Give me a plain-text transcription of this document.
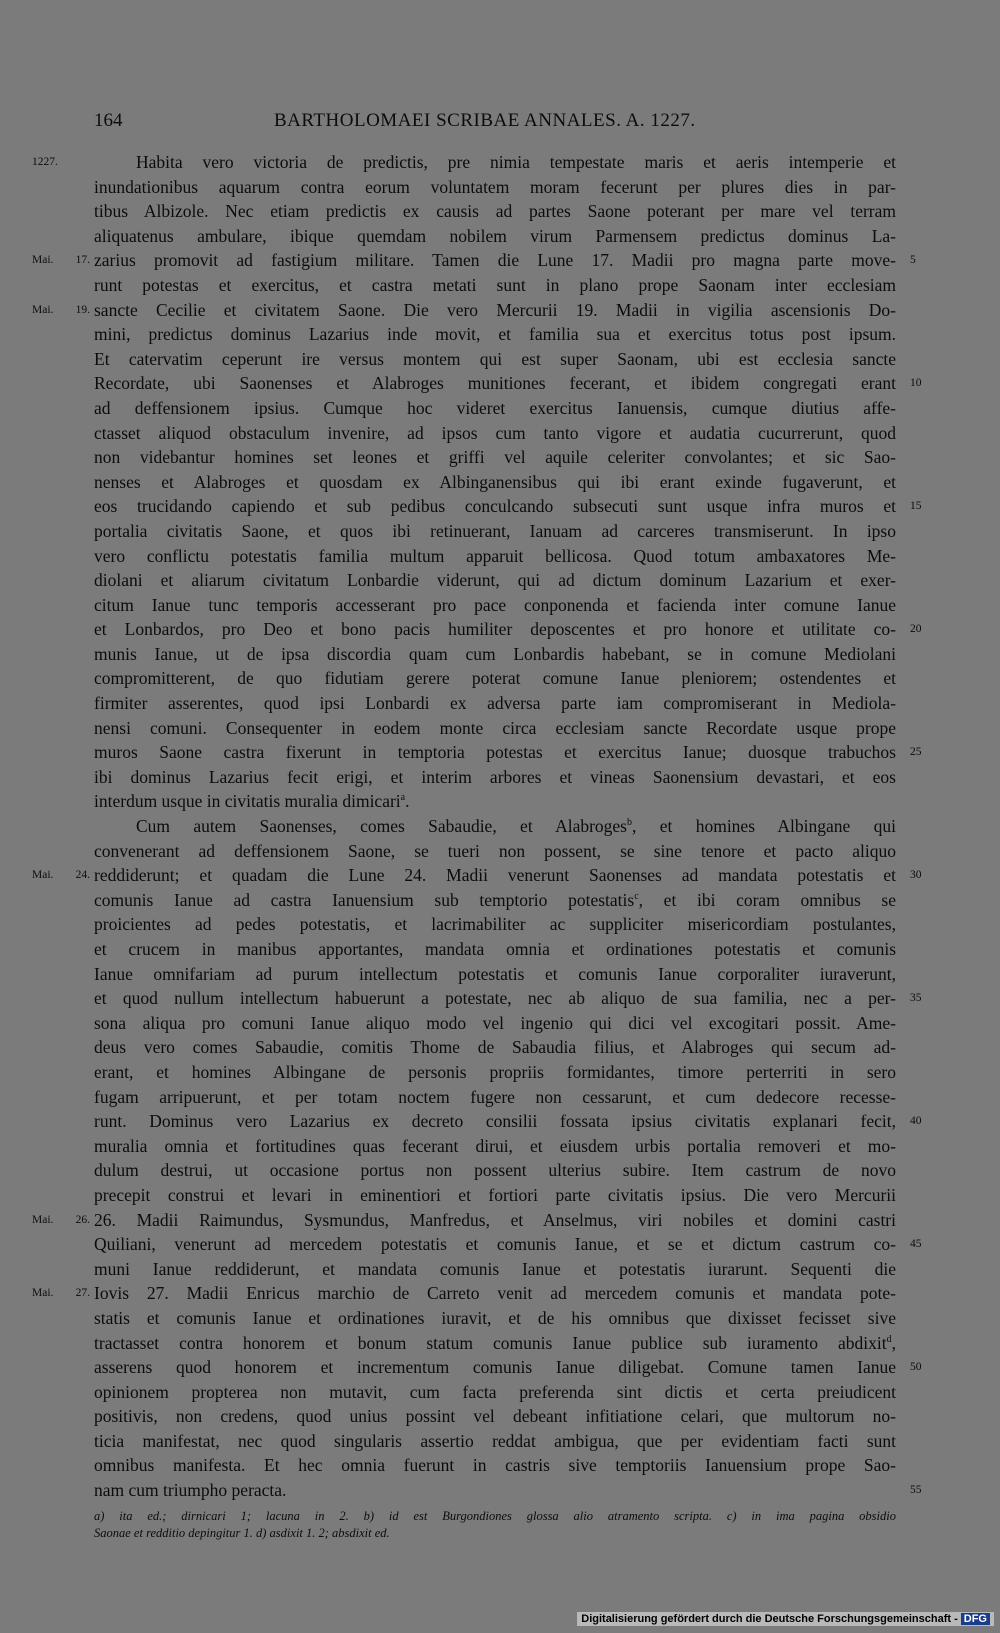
164	BARTHOLOMAEI SCRIBAE ANNALES. A. 1227.
1227.	Habita vero victoria de predictis, pre nimia tempestate maris et aeris intemperie et
inundationibus aquarum contra eorum voluntatem moram fecerunt per plures dies in par-
tibus Albizole. Nec etiam predictis ex causis ad partes Saone poterant per mare vel terram
aliquatenus ambulare, ibique quemdam nobilem virum Parmensem predictus dominus La-
Mai. 17. zarius promovit ad fastigium militare. Tamen die Lune 17. Madii pro magna parte move- 5
runt potestas et exercitus, et castra metati sunt in plano prope Saonam inter ecclesiam
Mai. 19. sancte Cecilie et civitatem Saone. Die vero Mercurii 19. Madii in vigilia ascensionis Do-
mini, predictus dominus Lazarius inde movit, et familia sua et exercitus totus post ipsum.
Et catervatim ceperunt ire versus montem qui est super Saonam, ubi est ecclesia sancte
Recordate, ubi Saonenses et Alabroges munitiones fecerant, et ibidem congregati erant 10
ad deffensionem ipsius. Cumque hoc videret exercitus Ianuensis, cumque diutius affe-
ctasset aliquod obstaculum invenire, ad ipsos cum tanto vigore et audatia cucurrerunt, quod
non videbantur homines set leones et griffi vel aquile celeriter convolantes; et sic Sao-
nenses et Alabroges et quosdam ex Albinganensibus qui ibi erant exinde fugaverunt, et
eos trucidando capiendo et sub pedibus conculcando subsecuti sunt usque infra muros et 15
portalia civitatis Saone, et quos ibi retinuerant, Ianuam ad carceres transmiserunt. In ipso
vero conflictu potestatis familia multum apparuit bellicosa. Quod totum ambaxatores Me-
diolani et aliarum civitatum Lonbardie viderunt, qui ad dictum dominum Lazarium et exer-
citum Ianue tunc temporis accesserant pro pace conponenda et facienda inter comune Ianue
et Lonbardos, pro Deo et bono pacis humiliter deposcentes et pro honore et utilitate co- 20
munis Ianue, ut de ipsa discordia quam cum Lonbardis habebant, se in comune Mediolani
compromitterent, de quo fidutiam gerere poterat comune Ianue pleniorem; ostendentes et
firmiter asserentes, quod ipsi Lonbardi ex adversa parte iam compromiserant in Mediola-
nensi comuni. Consequenter in eodem monte circa ecclesiam sancte Recordate usque prope
muros Saone castra fixerunt in temptoria potestas et exercitus Ianue; duosque trabuchos 25
ibi dominus Lazarius fecit erigi, et interim arbores et vineas Saonensium devastari, et eos
interdum usque in civitatis muralia dimicari$^a$.
Cum autem Saonenses, comes Sabaudie, et Alabroges$^b$, et homines Albingane qui
convenerant ad deffensionem Saone, se tueri non possent, se sine tenore et pacto aliquo
Mai. 24. reddiderunt; et quadam die Lune 24. Madii venerunt Saonenses ad mandata potestatis et 30
comunis Ianue ad castra Ianuensium sub temptorio potestatis$^c$, et ibi coram omnibus se
proicientes ad pedes potestatis, et lacrimabiliter ac suppliciter misericordiam postulantes,
et crucem in manibus apportantes, mandata omnia et ordinationes potestatis et comunis
Ianue omnifariam ad purum intellectum potestatis et comunis Ianue corporaliter iuraverunt,
et quod nullum intellectum habuerunt a potestate, nec ab aliquo de sua familia, nec a per- 35
sona aliqua pro comuni Ianue aliquo modo vel ingenio qui dici vel excogitari possit. Ame-
deus vero comes Sabaudie, comitis Thome de Sabaudia filius, et Alabroges qui secum ad-
erant, et homines Albingane de personis propriis formidantes, timore perterriti in sero
fugam arripuerunt, et per totam noctem fugere non cessarunt, et cum dedecore recesse-
runt. Dominus vero Lazarius ex decreto consilii fossata ipsius civitatis explanari fecit, 40
muralia omnia et fortitudines quas fecerant dirui, et eiusdem urbis portalia removeri et mo-
dulum destrui, ut occasione portus non possent ulterius subire. Item castrum de novo
precepit construi et levari in eminentiori et fortiori parte civitatis ipsius. Die vero Mercurii
Mai. 26. 26. Madii Raimundus, Sysmundus, Manfredus, et Anselmus, viri nobiles et domini castri
Quiliani, venerunt ad mercedem potestatis et comunis Ianue, et se et dictum castrum co- 45
muni Ianue reddiderunt, et mandata comunis Ianue et potestatis iurarunt. Sequenti die
Mai. 27. Iovis 27. Madii Enricus marchio de Carreto venit ad mercedem comunis et mandata pote-
statis et comunis Ianue et ordinationes iuravit, et de his omnibus que dixisset fecisset sive
tractasset contra honorem et bonum statum comunis Ianue publice sub iuramento abdixit$^d$,
asserens quod honorem et incrementum comunis Ianue diligebat. Comune tamen Ianue 50
opinionem propterea non mutavit, cum facta preferenda sint dictis et certa preiudicent
positivis, non credens, quod unius possint vel debeant infitiatione celari, que multorum no-
ticia manifestat, nec quod singularis assertio reddat ambigua, que per evidentiam facti sunt
omnibus manifesta. Et hec omnia fuerunt in castris sive temptoriis Ianuensium prope Sao-
nam cum triumpho peracta.	55
a) ita ed.; dirnicari 1; lacuna in 2. b) id est Burgondiones glossa alio atramento scripta. c) in ima pagina obsidio
Saonae et redditio depingitur 1. d) asdixit 1. 2; absdixit ed.
Digitalisierung gefördert durch die Deutsche Forschungsgemeinschaft - DFG
